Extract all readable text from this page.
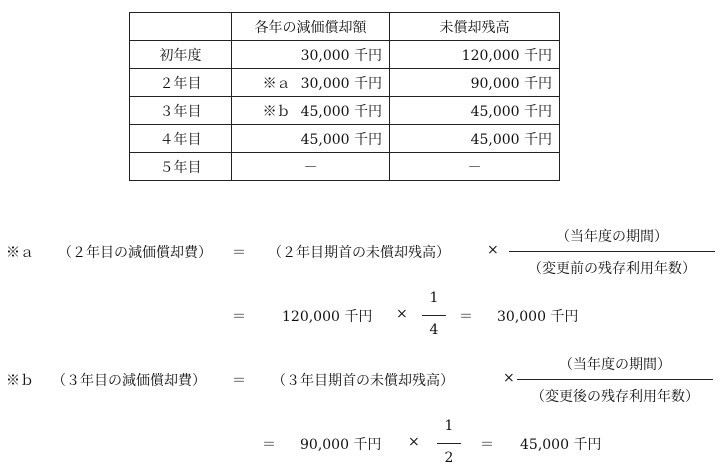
	各年の減価償却額	未償却残高
初年度	30,000 千円	120,000 千円
２年目	※ａ 30,000 千円	90,000 千円
３年目	※ｂ 45,000 千円	45,000 千円
４年目	45,000 千円	45,000 千円
５年目	－	－
※ａ （２年目の減価償却費） ＝ （２年目期首の未償却残高）	×
（当年度の期間）
（変更前の残存利用年数）
＝	120,000 千円 ×
1
4
＝ 30,000 千円
※ｂ （３年目の減価償却費） ＝ （３年目期首の未償却残高）	×
（当年度の期間）
（変更後の残存利用年数）
＝ 90,000 千円 ×
1
2
＝ 45,000 千円
